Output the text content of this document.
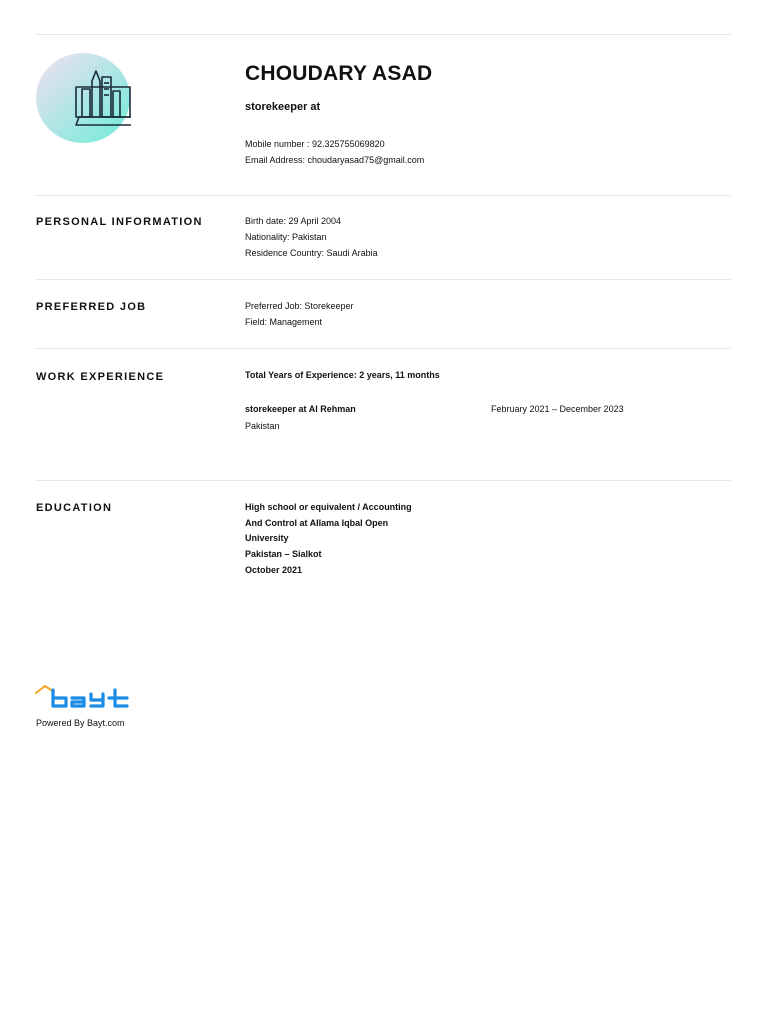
CHOUDARY ASAD
storekeeper at
Mobile number : 92.325755069820
Email Address: choudaryasad75@gmail.com
PERSONAL INFORMATION	Birth date: 29 April 2004
Nationality: Pakistan
Residence Country: Saudi Arabia
PREFERRED JOB	Preferred Job: Storekeeper
Field: Management
WORK EXPERIENCE	Total Years of Experience: 2 years, 11 months
storekeeper at Al Rehman	February 2021 – December 2023
Pakistan
EDUCATION	High school or equivalent / Accounting
And Control at Allama Iqbal Open
University
Pakistan – Sialkot
October 2021
Powered By Bayt.com
